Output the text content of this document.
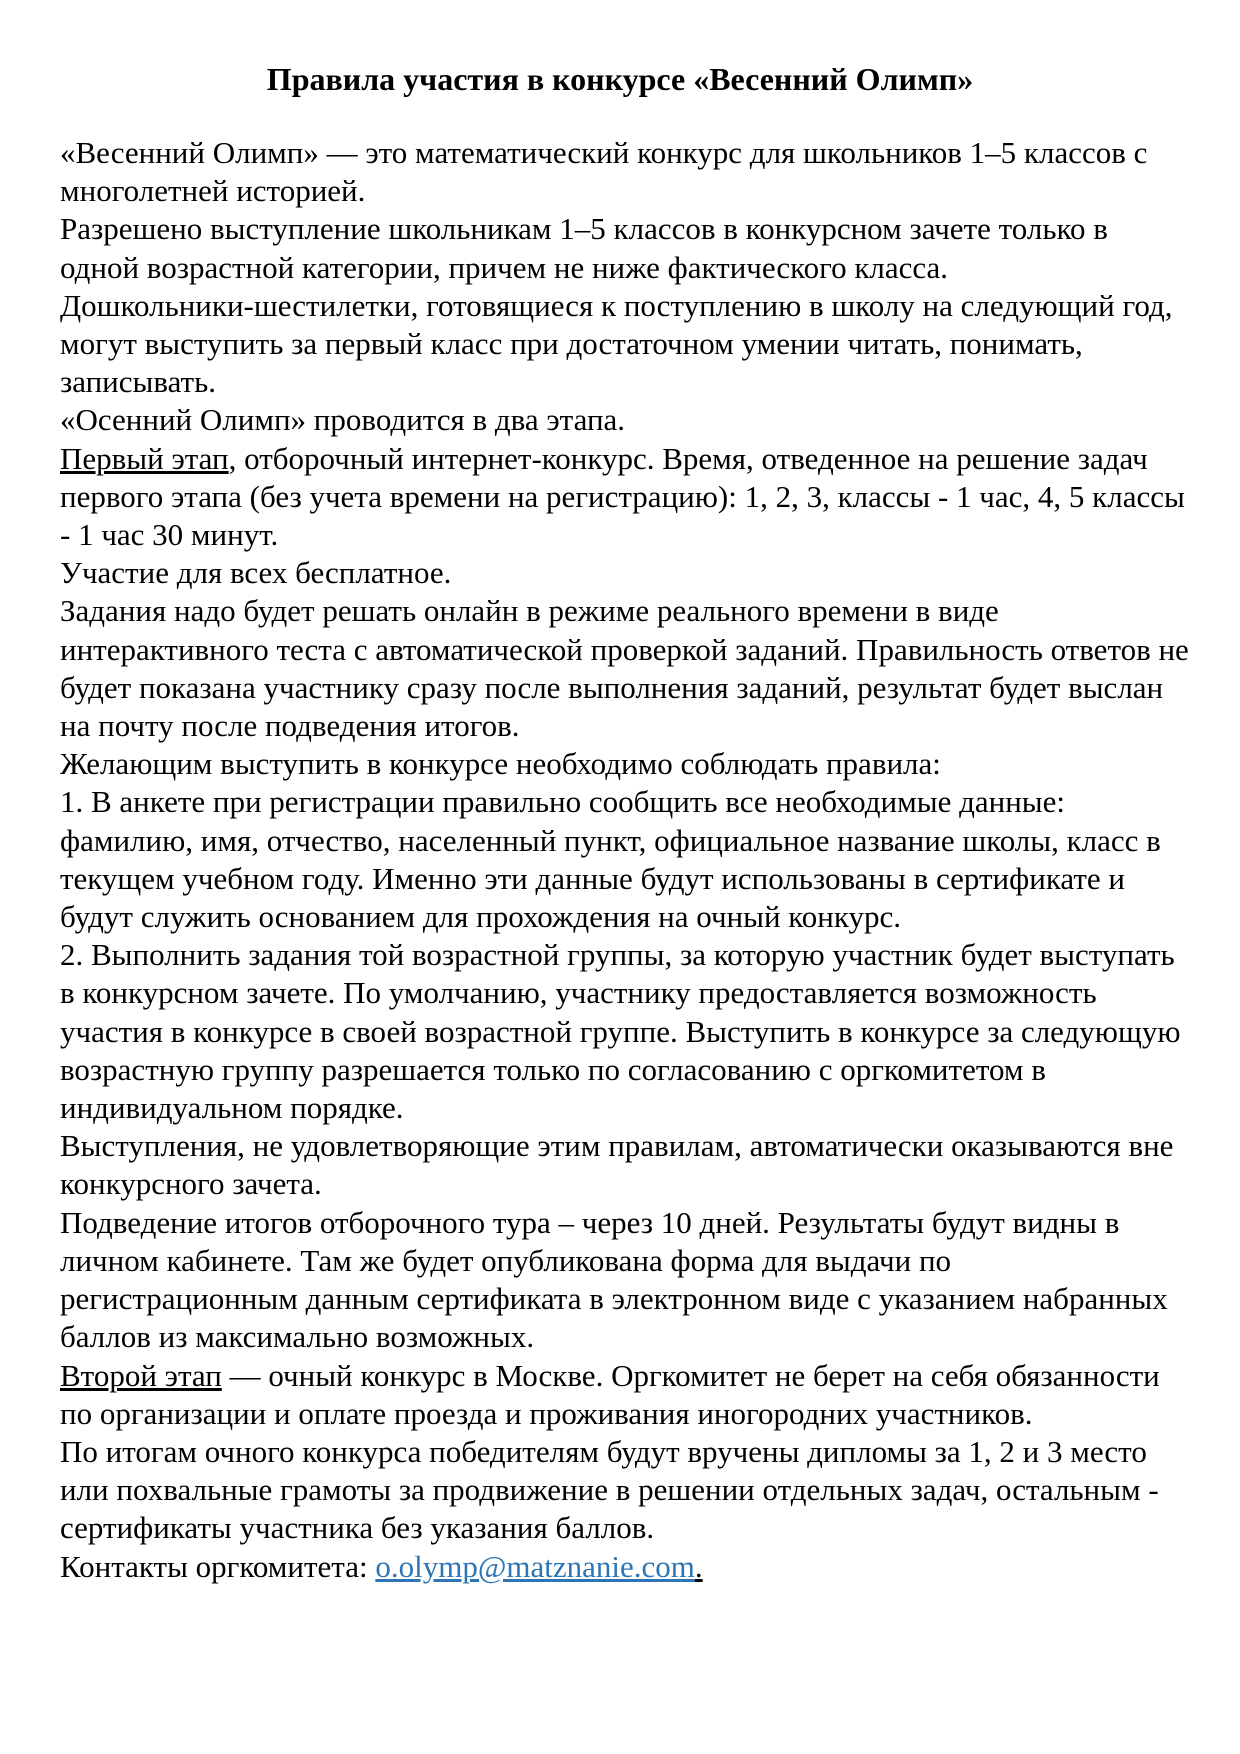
Правила участия в конкурсе «Весенний Олимп»

«Весенний Олимп» — это математический конкурс для школьников 1–5 классов с многолетней историей.

Разрешено выступление школьникам 1–5 классов в конкурсном зачете только в одной возрастной категории, причем не ниже фактического класса.

Дошкольники-шестилетки, готовящиеся к поступлению в школу на следующий год, могут выступить за первый класс при достаточном умении читать, понимать, записывать.

«Осенний Олимп» проводится в два этапа.

Первый этап, отборочный интернет-конкурс. Время, отведенное на решение задач первого этапа (без учета времени на регистрацию): 1, 2, 3, классы - 1 час, 4, 5 классы - 1 час 30 минут.

Участие для всех бесплатное.

Задания надо будет решать онлайн в режиме реального времени в виде интерактивного теста с автоматической проверкой заданий. Правильность ответов не будет показана участнику сразу после выполнения заданий, результат будет выслан на почту после подведения итогов.

Желающим выступить в конкурсе необходимо соблюдать правила:

1. В анкете при регистрации правильно сообщить все необходимые данные: фамилию, имя, отчество, населенный пункт, официальное название школы, класс в текущем учебном году. Именно эти данные будут использованы в сертификате и будут служить основанием для прохождения на очный конкурс.

2. Выполнить задания той возрастной группы, за которую участник будет выступать в конкурсном зачете. По умолчанию, участнику предоставляется возможность участия в конкурсе в своей возрастной группе. Выступить в конкурсе за следующую возрастную группу разрешается только по согласованию с оргкомитетом в индивидуальном порядке.

Выступления, не удовлетворяющие этим правилам, автоматически оказываются вне конкурсного зачета.

Подведение итогов отборочного тура – через 10 дней. Результаты будут видны в личном кабинете. Там же будет опубликована форма для выдачи по регистрационным данным сертификата в электронном виде с указанием набранных баллов из максимально возможных.

Второй этап — очный конкурс в Москве. Оргкомитет не берет на себя обязанности по организации и оплате проезда и проживания иногородних участников.

По итогам очного конкурса победителям будут вручены дипломы за 1, 2 и 3 место или похвальные грамоты за продвижение в решении отдельных задач, остальным - сертификаты участника без указания баллов.

Контакты оргкомитета: o.olymp@matznanie.com.
